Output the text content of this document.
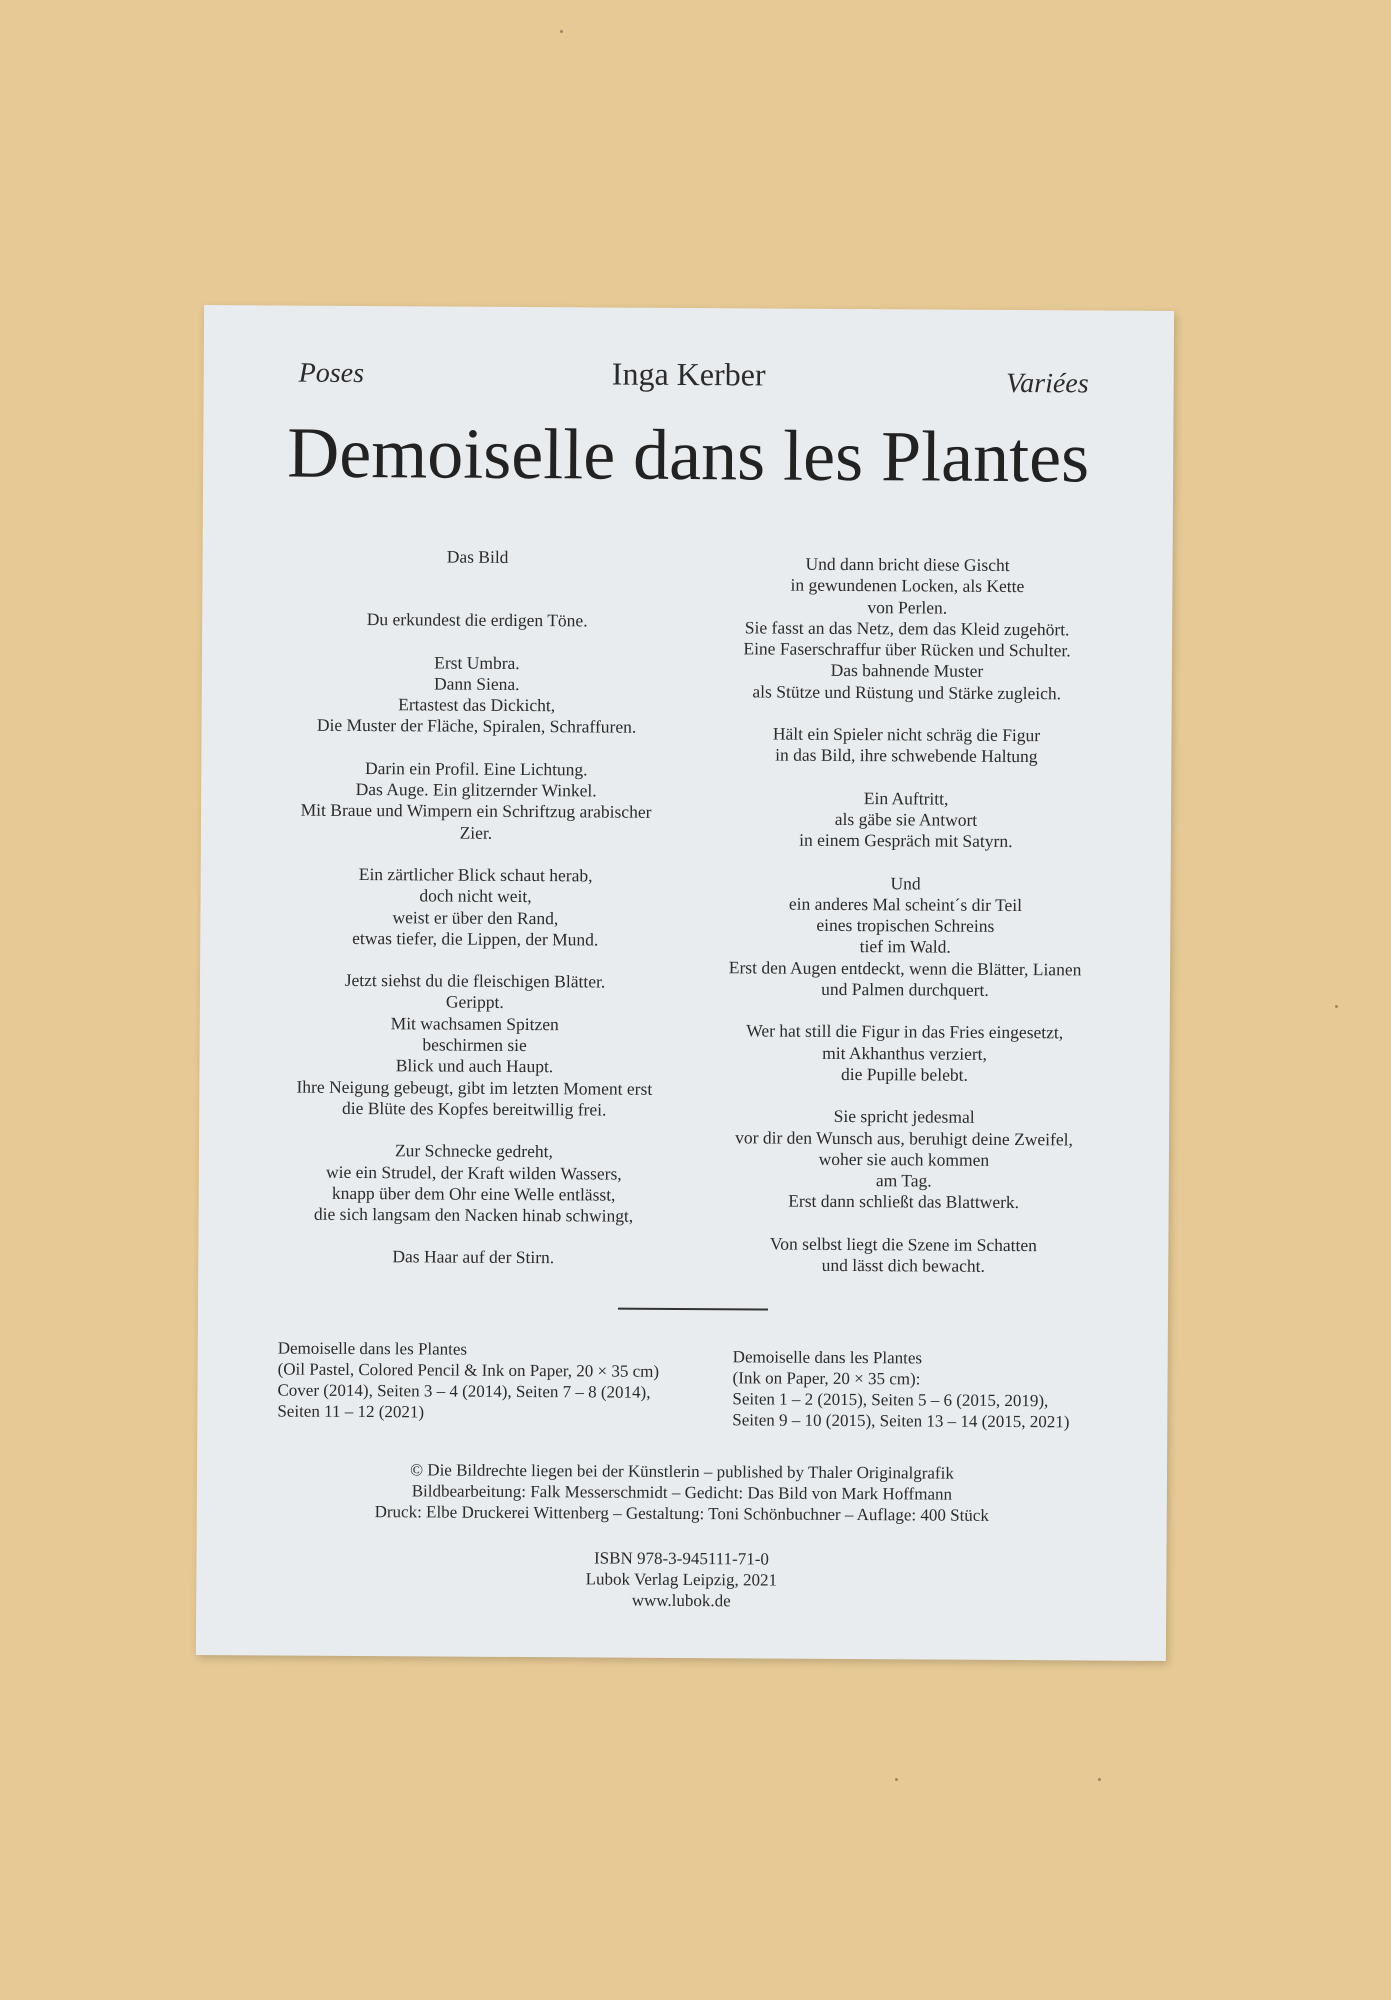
Poses	Inga Kerber	Variées
Demoiselle dans les Plantes
Das Bild
Du erkundest die erdigen Töne.
Erst Umbra.
Dann Siena.
Ertastest das Dickicht,
Die Muster der Fläche, Spiralen, Schraffuren.
Darin ein Profil. Eine Lichtung.
Das Auge. Ein glitzernder Winkel.
Mit Braue und Wimpern ein Schriftzug arabischer
Zier.
Ein zärtlicher Blick schaut herab,
doch nicht weit,
weist er über den Rand,
etwas tiefer, die Lippen, der Mund.
Jetzt siehst du die fleischigen Blätter.
Gerippt.
Mit wachsamen Spitzen
beschirmen sie
Blick und auch Haupt.
Ihre Neigung gebeugt, gibt im letzten Moment erst
die Blüte des Kopfes bereitwillig frei.
Zur Schnecke gedreht,
wie ein Strudel, der Kraft wilden Wassers,
knapp über dem Ohr eine Welle entlässt,
die sich langsam den Nacken hinab schwingt,
Das Haar auf der Stirn.
Und dann bricht diese Gischt
in gewundenen Locken, als Kette
von Perlen.
Sie fasst an das Netz, dem das Kleid zugehört.
Eine Faserschraffur über Rücken und Schulter.
Das bahnende Muster
als Stütze und Rüstung und Stärke zugleich.
Hält ein Spieler nicht schräg die Figur
in das Bild, ihre schwebende Haltung
Ein Auftritt,
als gäbe sie Antwort
in einem Gespräch mit Satyrn.
Und
ein anderes Mal scheint´s dir Teil
eines tropischen Schreins
tief im Wald.
Erst den Augen entdeckt, wenn die Blätter, Lianen
und Palmen durchquert.
Wer hat still die Figur in das Fries eingesetzt,
mit Akhanthus verziert,
die Pupille belebt.
Sie spricht jedesmal
vor dir den Wunsch aus, beruhigt deine Zweifel,
woher sie auch kommen
am Tag.
Erst dann schließt das Blattwerk.
Von selbst liegt die Szene im Schatten
und lässt dich bewacht.
Demoiselle dans les Plantes
(Oil Pastel, Colored Pencil & Ink on Paper, 20 × 35 cm)
Cover (2014), Seiten 3 – 4 (2014), Seiten 7 – 8 (2014),
Seiten 11 – 12 (2021)
Demoiselle dans les Plantes
(Ink on Paper, 20 × 35 cm):
Seiten 1 – 2 (2015), Seiten 5 – 6 (2015, 2019),
Seiten 9 – 10 (2015), Seiten 13 – 14 (2015, 2021)
© Die Bildrechte liegen bei der Künstlerin – published by Thaler Originalgrafik
Bildbearbeitung: Falk Messerschmidt – Gedicht: Das Bild von Mark Hoffmann
Druck: Elbe Druckerei Wittenberg – Gestaltung: Toni Schönbuchner – Auflage: 400 Stück
ISBN 978-3-945111-71-0
Lubok Verlag Leipzig, 2021
www.lubok.de
